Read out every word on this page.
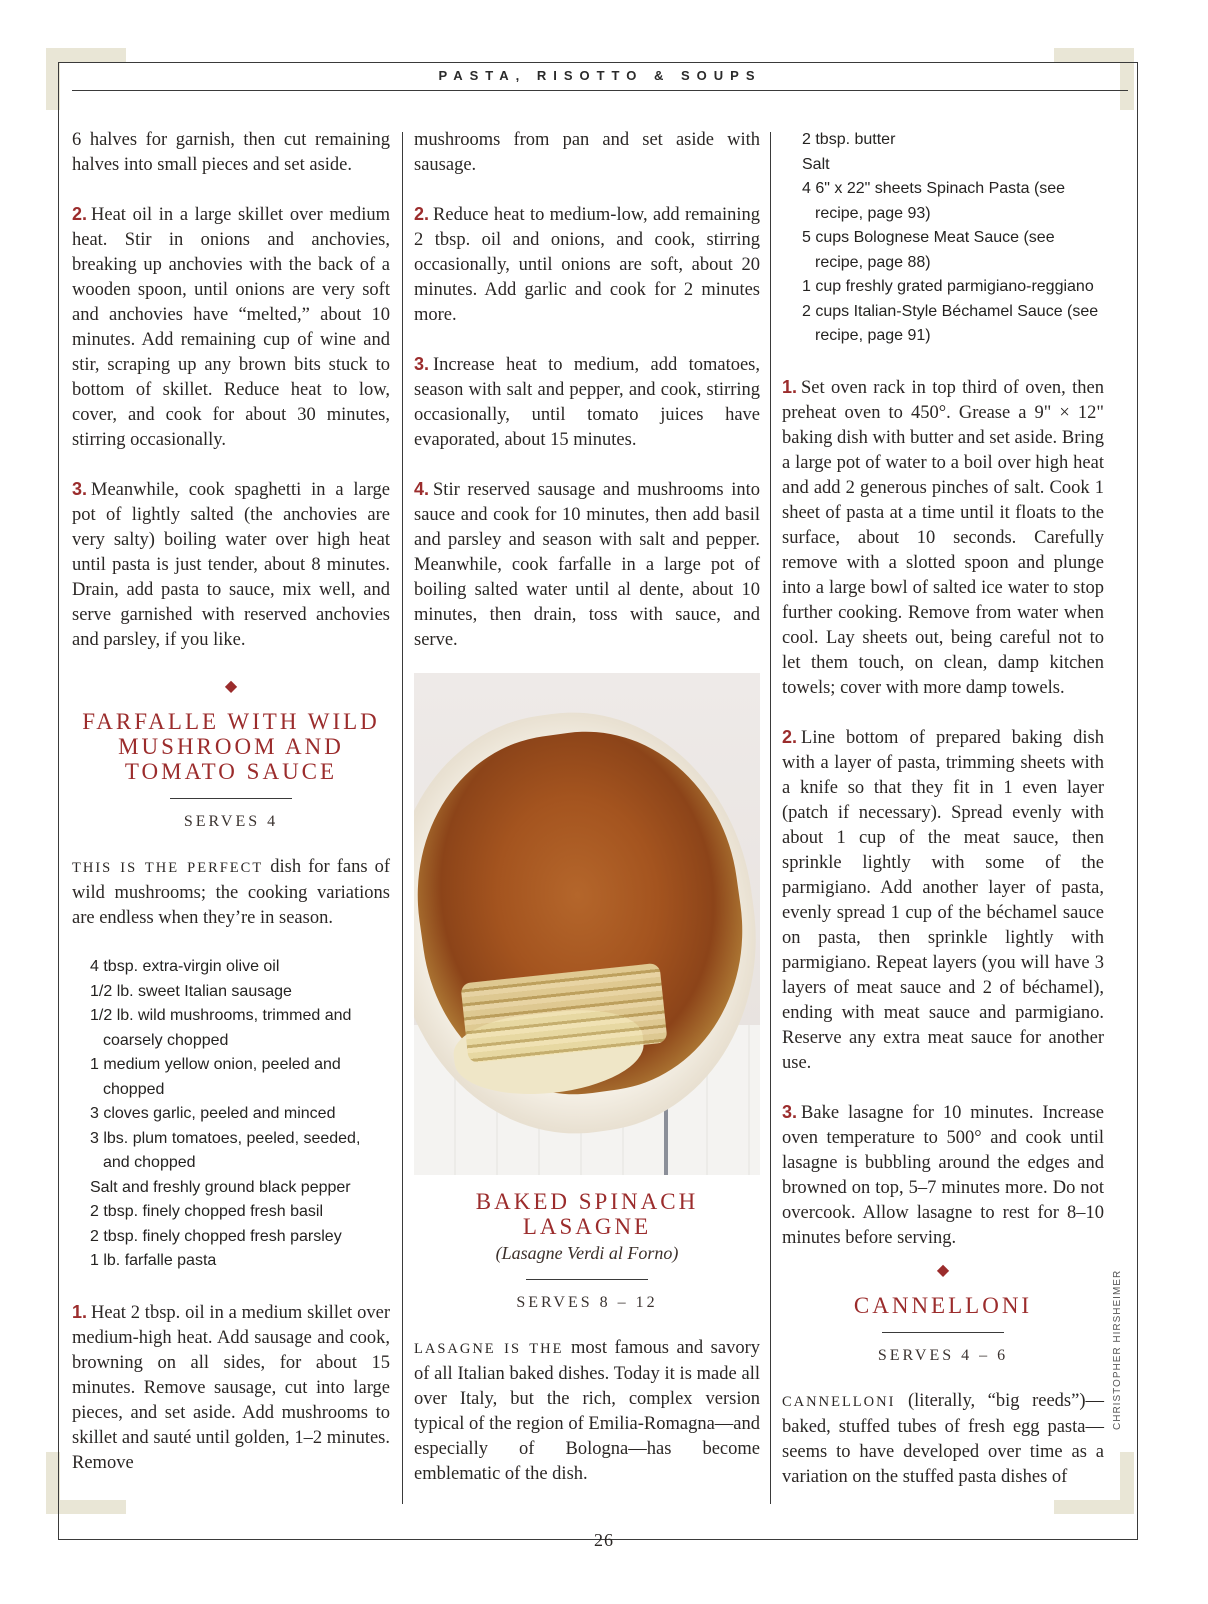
PASTA, RISOTTO & SOUPS

6 halves for garnish, then cut remaining halves into small pieces and set aside.

2. Heat oil in a large skillet over medium heat. Stir in onions and anchovies, breaking up anchovies with the back of a wooden spoon, until onions are very soft and anchovies have “melted,” about 10 minutes. Add remaining cup of wine and stir, scraping up any brown bits stuck to bottom of skillet. Reduce heat to low, cover, and cook for about 30 minutes, stirring occasionally.

3. Meanwhile, cook spaghetti in a large pot of lightly salted (the anchovies are very salty) boiling water over high heat until pasta is just tender, about 8 minutes. Drain, add pasta to sauce, mix well, and serve garnished with reserved anchovies and parsley, if you like.

◆
FARFALLE WITH WILD
MUSHROOM AND
TOMATO SAUCE
SERVES 4

THIS IS THE PERFECT dish for fans of wild mushrooms; the cooking variations are endless when they’re in season.

4 tbsp. extra-virgin olive oil
1/2 lb. sweet Italian sausage
1/2 lb. wild mushrooms, trimmed and coarsely chopped
1 medium yellow onion, peeled and chopped
3 cloves garlic, peeled and minced
3 lbs. plum tomatoes, peeled, seeded, and chopped
Salt and freshly ground black pepper
2 tbsp. finely chopped fresh basil
2 tbsp. finely chopped fresh parsley
1 lb. farfalle pasta

1. Heat 2 tbsp. oil in a medium skillet over medium-high heat. Add sausage and cook, browning on all sides, for about 15 minutes. Remove sausage, cut into large pieces, and set aside. Add mushrooms to skillet and sauté until golden, 1–2 minutes. Remove

mushrooms from pan and set aside with sausage.

2. Reduce heat to medium-low, add remaining 2 tbsp. oil and onions, and cook, stirring occasionally, until onions are soft, about 20 minutes. Add garlic and cook for 2 minutes more.

3. Increase heat to medium, add tomatoes, season with salt and pepper, and cook, stirring occasionally, until tomato juices have evaporated, about 15 minutes.

4. Stir reserved sausage and mushrooms into sauce and cook for 10 minutes, then add basil and parsley and season with salt and pepper. Meanwhile, cook farfalle in a large pot of boiling salted water until al dente, about 10 minutes, then drain, toss with sauce, and serve.

BAKED SPINACH
LASAGNE
(Lasagne Verdi al Forno)
SERVES 8 – 12

LASAGNE IS THE most famous and savory of all Italian baked dishes. Today it is made all over Italy, but the rich, complex version typical of the region of Emilia-Romagna—and especially of Bologna—has become emblematic of the dish.

2 tbsp. butter
Salt
4 6" x 22" sheets Spinach Pasta (see recipe, page 93)
5 cups Bolognese Meat Sauce (see recipe, page 88)
1 cup freshly grated parmigiano-reggiano
2 cups Italian-Style Béchamel Sauce (see recipe, page 91)

1. Set oven rack in top third of oven, then preheat oven to 450°. Grease a 9" × 12" baking dish with butter and set aside. Bring a large pot of water to a boil over high heat and add 2 generous pinches of salt. Cook 1 sheet of pasta at a time until it floats to the surface, about 10 seconds. Carefully remove with a slotted spoon and plunge into a large bowl of salted ice water to stop further cooking. Remove from water when cool. Lay sheets out, being careful not to let them touch, on clean, damp kitchen towels; cover with more damp towels.

2. Line bottom of prepared baking dish with a layer of pasta, trimming sheets with a knife so that they fit in 1 even layer (patch if necessary). Spread evenly with about 1 cup of the meat sauce, then sprinkle lightly with some of the parmigiano. Add another layer of pasta, evenly spread 1 cup of the béchamel sauce on pasta, then sprinkle lightly with parmigiano. Repeat layers (you will have 3 layers of meat sauce and 2 of béchamel), ending with meat sauce and parmigiano. Reserve any extra meat sauce for another use.

3. Bake lasagne for 10 minutes. Increase oven temperature to 500° and cook until lasagne is bubbling around the edges and browned on top, 5–7 minutes more. Do not overcook. Allow lasagne to rest for 8–10 minutes before serving.

◆
CANNELLONI
SERVES 4 – 6

CANNELLONI (literally, “big reeds”)—baked, stuffed tubes of fresh egg pasta—seems to have developed over time as a variation on the stuffed pasta dishes of

CHRISTOPHER HIRSHEIMER
26
